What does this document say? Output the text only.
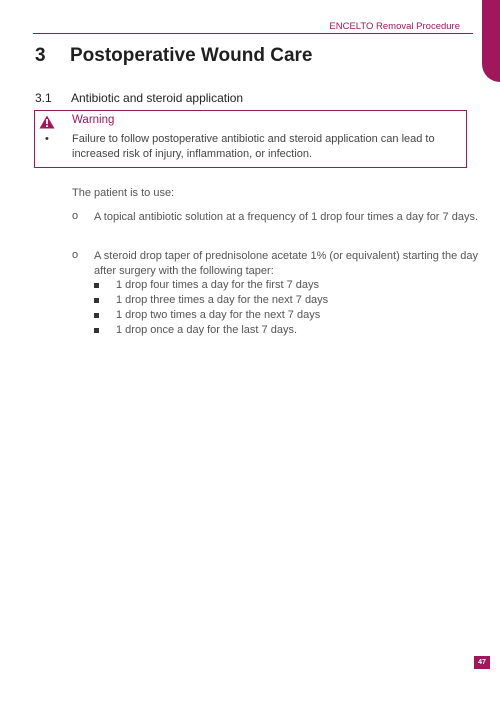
ENCELTO Removal Procedure
3 Postoperative Wound Care
3.1 Antibiotic and steroid application
Warning
• Failure to follow postoperative antibiotic and steroid application can lead to increased risk of injury, inflammation, or infection.
The patient is to use:
o A topical antibiotic solution at a frequency of 1 drop four times a day for 7 days.
o A steroid drop taper of prednisolone acetate 1% (or equivalent) starting the day after surgery with the following taper:
1 drop four times a day for the first 7 days
1 drop three times a day for the next 7 days
1 drop two times a day for the next 7 days
1 drop once a day for the last 7 days.
47
